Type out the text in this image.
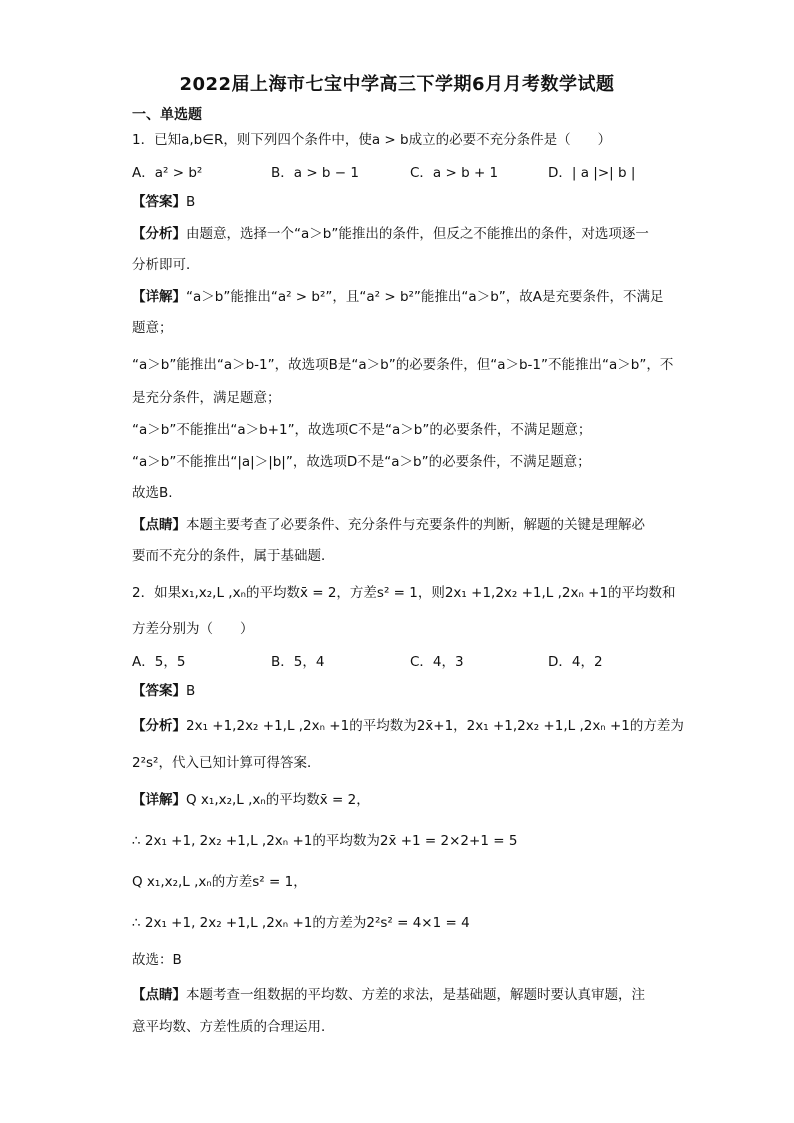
2022届上海市七宝中学高三下学期6月月考数学试题
一、单选题
1．已知a,b∈R，则下列四个条件中，使a > b成立的必要不充分条件是（　　）
A．a² > b²	B．a > b − 1	C．a > b + 1	D．| a |>| b |
【答案】B
【分析】由题意，选择一个“a＞b”能推出的条件，但反之不能推出的条件，对选项逐一
分析即可．
【详解】“a＞b”能推出“a² > b²”，且“a² > b²”能推出“a＞b”，故A是充要条件，不满足
题意；
“a＞b”能推出“a＞b-1”，故选项B是“a＞b”的必要条件，但“a＞b-1”不能推出“a＞b”，不
是充分条件，满足题意；
“a＞b”不能推出“a＞b+1”，故选项C不是“a＞b”的必要条件，不满足题意；
“a＞b”不能推出“|a|＞|b|”，故选项D不是“a＞b”的必要条件，不满足题意；
故选B.
【点睛】本题主要考查了必要条件、充分条件与充要条件的判断，解题的关键是理解必
要而不充分的条件，属于基础题．
2．如果x₁,x₂,L ,xₙ的平均数x̄ = 2，方差s² = 1，则2x₁ +1,2x₂ +1,L ,2xₙ +1的平均数和
方差分别为（　　）
A．5，5	B．5，4	C．4，3	D．4，2
【答案】B
【分析】2x₁ +1,2x₂ +1,L ,2xₙ +1的平均数为2x̄+1，2x₁ +1,2x₂ +1,L ,2xₙ +1的方差为
2²s²，代入已知计算可得答案．
【详解】Q x₁,x₂,L ,xₙ的平均数x̄ = 2，
∴ 2x₁ +1, 2x₂ +1,L ,2xₙ +1的平均数为2x̄ +1 = 2×2+1 = 5
Q x₁,x₂,L ,xₙ的方差s² = 1，
∴ 2x₁ +1, 2x₂ +1,L ,2xₙ +1的方差为2²s² = 4×1 = 4
故选：B
【点睛】本题考查一组数据的平均数、方差的求法，是基础题，解题时要认真审题，注
意平均数、方差性质的合理运用．
